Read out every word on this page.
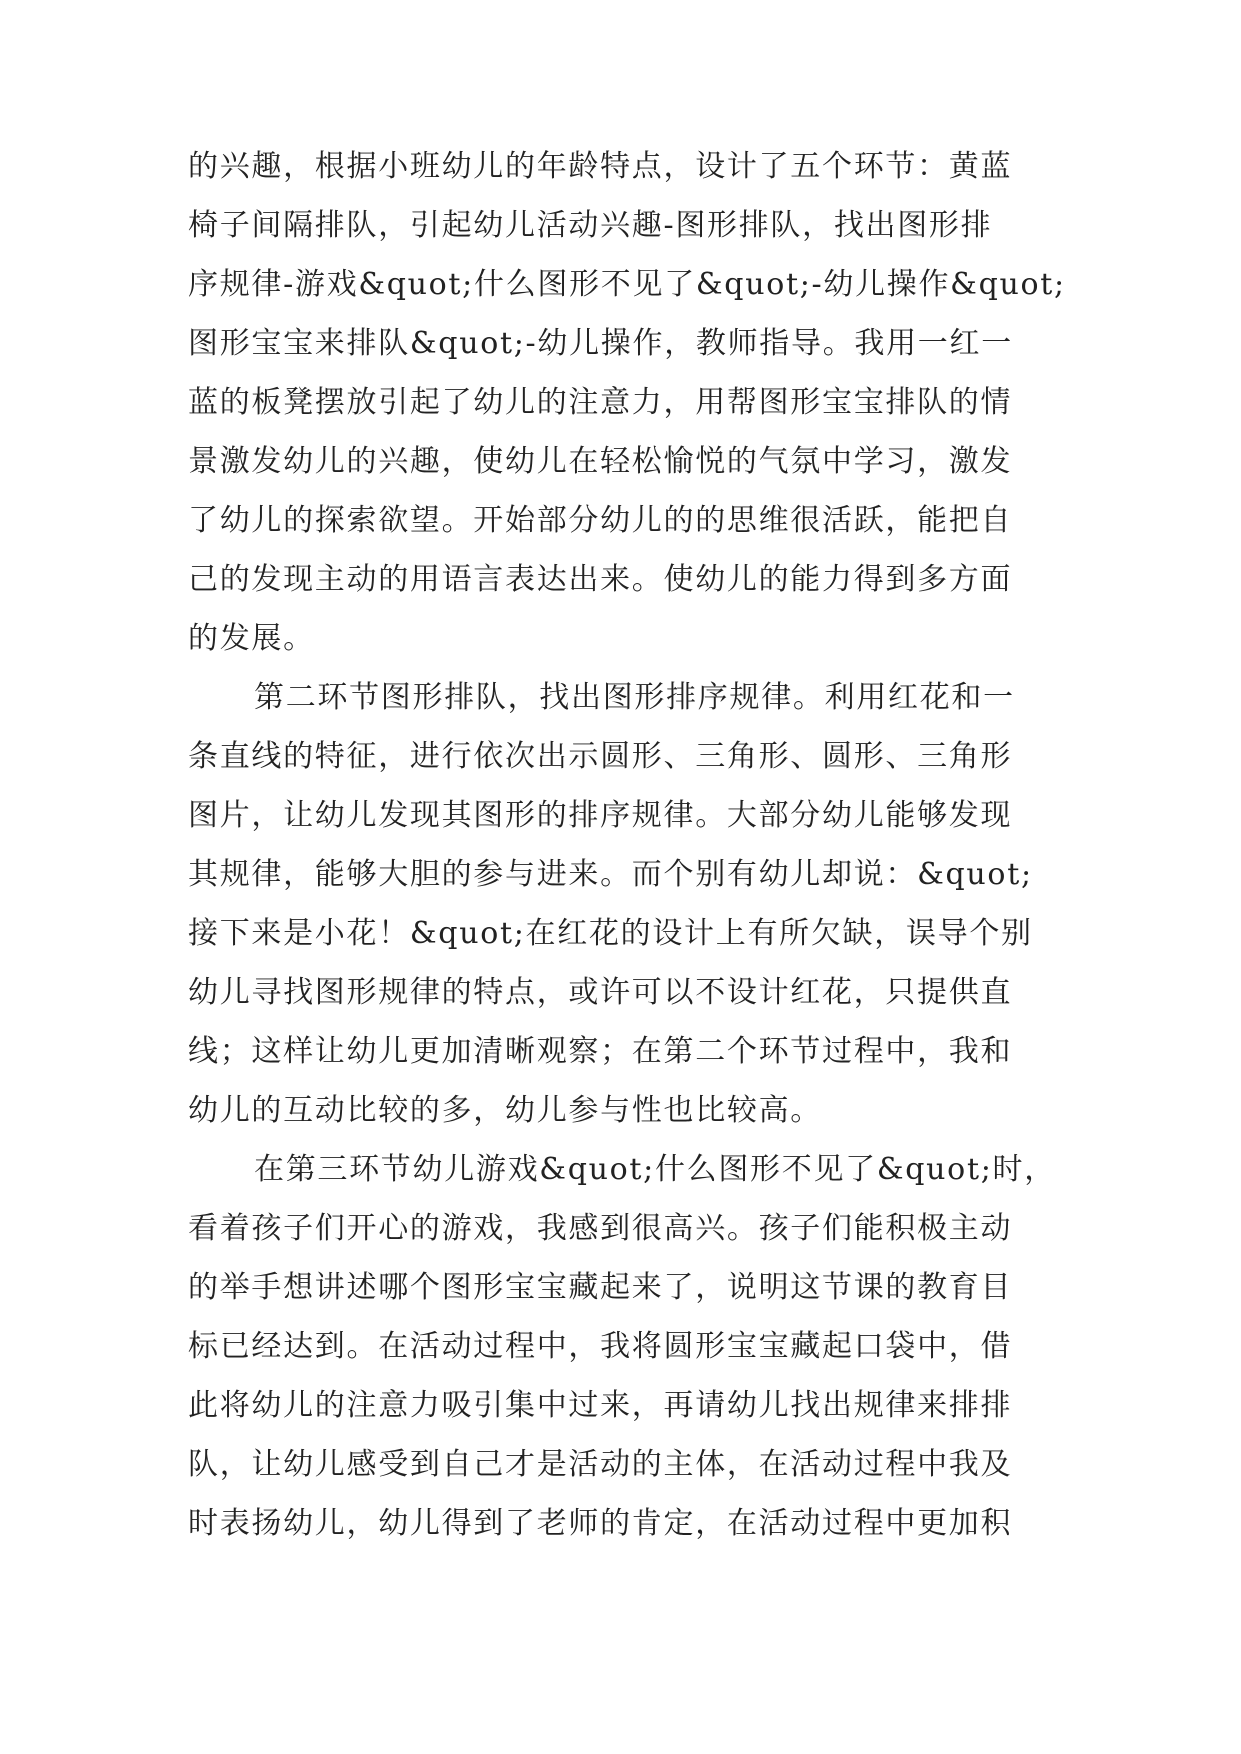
的兴趣，根据小班幼儿的年龄特点，设计了五个环节：黄蓝
椅子间隔排队，引起幼儿活动兴趣-图形排队，找出图形排
序规律-游戏&quot;什么图形不见了&quot;-幼儿操作&quot;
图形宝宝来排队&quot;-幼儿操作，教师指导。我用一红一
蓝的板凳摆放引起了幼儿的注意力，用帮图形宝宝排队的情
景激发幼儿的兴趣，使幼儿在轻松愉悦的气氛中学习，激发
了幼儿的探索欲望。开始部分幼儿的的思维很活跃，能把自
己的发现主动的用语言表达出来。使幼儿的能力得到多方面
的发展。
第二环节图形排队，找出图形排序规律。利用红花和一
条直线的特征，进行依次出示圆形、三角形、圆形、三角形
图片，让幼儿发现其图形的排序规律。大部分幼儿能够发现
其规律，能够大胆的参与进来。而个别有幼儿却说：&quot;
接下来是小花！&quot;在红花的设计上有所欠缺，误导个别
幼儿寻找图形规律的特点，或许可以不设计红花，只提供直
线；这样让幼儿更加清晰观察；在第二个环节过程中，我和
幼儿的互动比较的多，幼儿参与性也比较高。
在第三环节幼儿游戏&quot;什么图形不见了&quot;时，
看着孩子们开心的游戏，我感到很高兴。孩子们能积极主动
的举手想讲述哪个图形宝宝藏起来了，说明这节课的教育目
标已经达到。在活动过程中，我将圆形宝宝藏起口袋中，借
此将幼儿的注意力吸引集中过来，再请幼儿找出规律来排排
队，让幼儿感受到自己才是活动的主体，在活动过程中我及
时表扬幼儿，幼儿得到了老师的肯定，在活动过程中更加积
